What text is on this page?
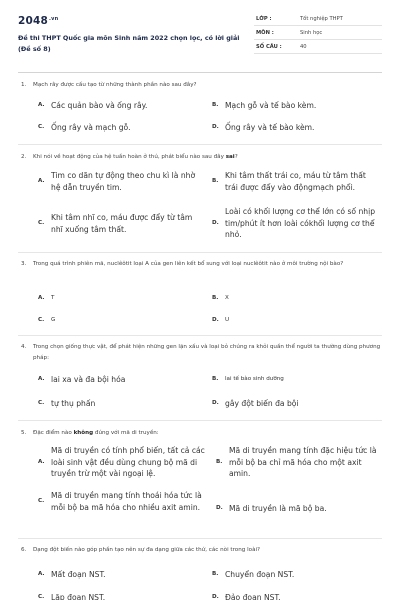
$2048^{.vn}$
Đề thi THPT Quốc gia môn Sinh năm 2022 chọn lọc, có lời giải (Đề số 8)
LỚP :	Tốt nghiệp THPT
MÔN :	Sinh học
SỐ CÂU :	40
1. Mạch rây được cấu tạo từ những thành phần nào sau đây?
A. Các quản bào và ống rây.	B. Mạch gỗ và tế bào kèm.
C. Ống rây và mạch gỗ.	D. Ống rây và tế bào kèm.
2. Khi nói về hoạt động của hệ tuần hoàn ở thú, phát biểu nào sau đây sai?
A.
Tim co dãn tự động theo chu kì là nhờ hệ dẫn truyền tim.
B.
Khi tâm thất trái co, máu từ tâm thất trái được đẩy vào độngmạch phổi.
C.
Khi tâm nhĩ co, máu được đẩy từ tâm nhĩ xuống tâm thất.
D.
Loài có khối lượng cơ thể lớn có số nhịp tim/phút ít hơn loài cókhối lượng cơ thể nhỏ.
3. Trong quá trình phiên mã, nuclêôtit loại A của gen liên kết bổ sung với loại nuclêôtit nào ở môi trường nội bào?
A.	T	B.	X
C.	G	D.	U
4. Trong chọn giống thực vật, để phát hiện những gen lặn xấu và loại bỏ chúng ra khỏi quần thể người ta thường dùng phương pháp:
A. lai xa và đa bội hóa	B.	lai tế bào sinh dưỡng
C. tự thụ phấn	D. gây đột biến đa bội
5. Đặc điểm nào không đúng với mã di truyền:
A.
Mã di truyền có tính phổ biến, tất cả các loài sinh vật đều dùng chung bộ mã di truyền trừ một vài ngoại lệ.
B.
Mã di truyền mang tính đặc hiệu tức là mỗi bộ ba chỉ mã hóa cho một axit amin.
C.
Mã di truyền mang tính thoái hóa tức là mỗi bộ ba mã hóa cho nhiều axit amin.	D. Mã di truyền là mã bộ ba.
6. Dạng đột biến nào góp phần tạo nên sự đa dạng giữa các thứ, các nòi trong loài?
A. Mất đoạn NST.	B. Chuyển đoạn NST.
C. Lặp đoạn NST.	D. Đảo đoạn NST.
